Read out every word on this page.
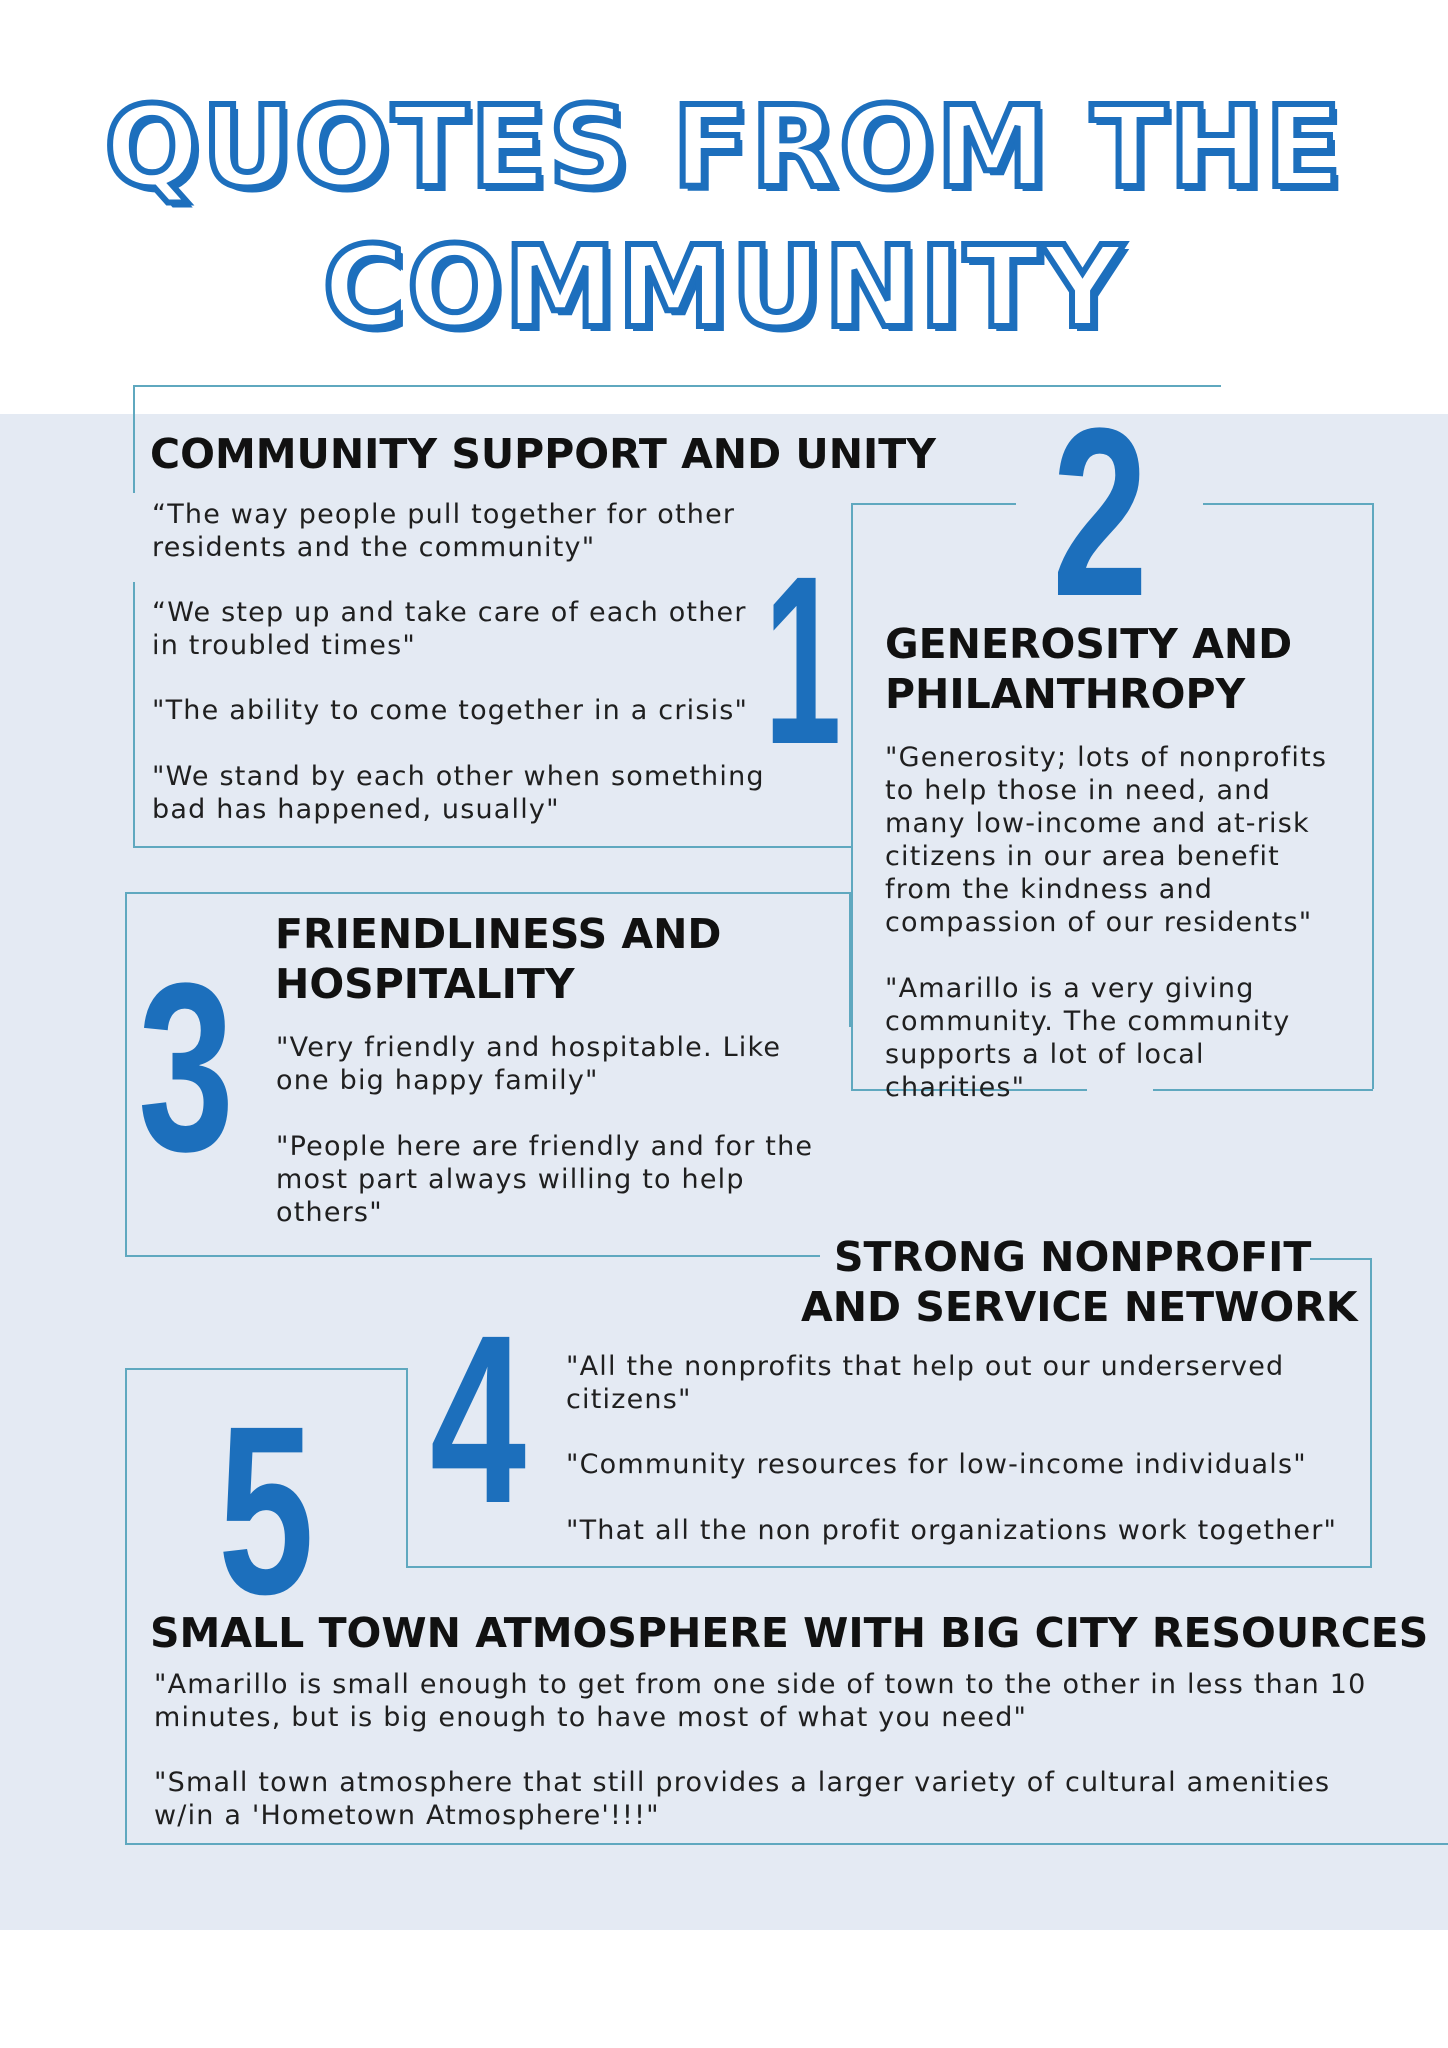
QUOTES FROM THE
COMMUNITY
2
1
3
4
5
COMMUNITY SUPPORT AND UNITY

“The way people pull together for other residents and the community"

“We step up and take care of each other in troubled times"

"The ability to come together in a crisis"

"We stand by each other when something bad has happened, usually"

GENEROSITY AND
PHILANTHROPY

"Generosity; lots of nonprofits to help those in need, and many low-income and at-risk citizens in our area benefit from the kindness and compassion of our residents"

"Amarillo is a very giving community. The community supports a lot of local charities"

FRIENDLINESS AND
HOSPITALITY

"Very friendly and hospitable. Like one big happy family"

"People here are friendly and for the most part always willing to help others"

STRONG NONPROFIT
AND SERVICE NETWORK

"All the nonprofits that help out our underserved citizens"

"Community resources for low-income individuals"

"That all the non profit organizations work together"

SMALL TOWN ATMOSPHERE WITH BIG CITY RESOURCES

"Amarillo is small enough to get from one side of town to the other in less than 10 minutes, but is big enough to have most of what you need"

"Small town atmosphere that still provides a larger variety of cultural amenities w/in a 'Hometown Atmosphere'!!!"
